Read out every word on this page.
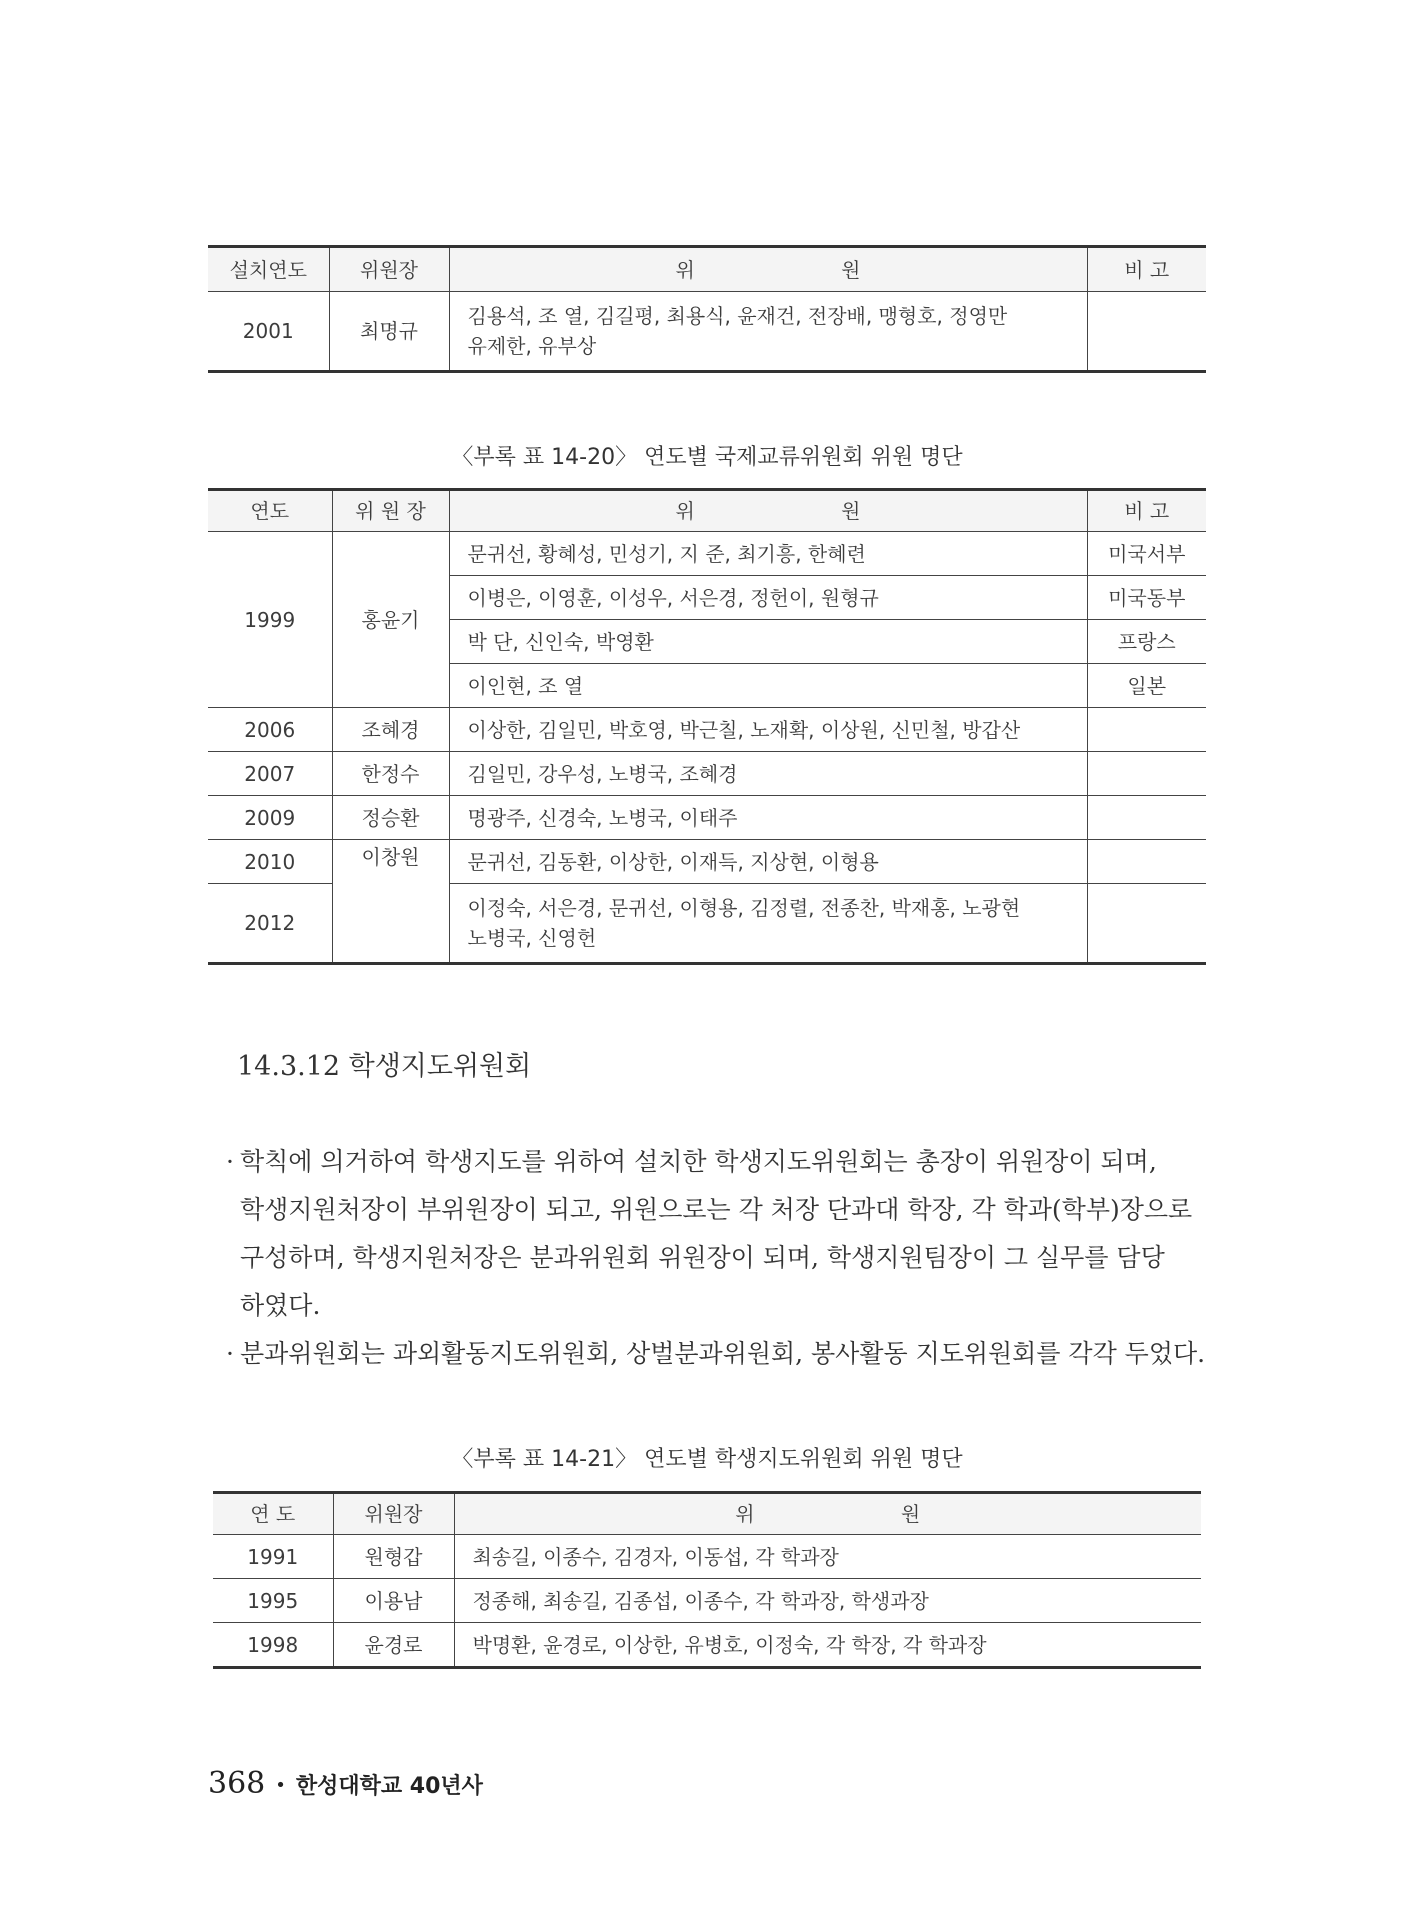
설치연도	위원장	위 원	비 고
2001	최명규	김용석, 조 열, 김길평, 최용식, 윤재건, 전장배, 맹형호, 정영만
유제한, 유부상	

〈부록 표 14-20〉 연도별 국제교류위원회 위원 명단
연도	위 원 장	위 원	비 고
1999	홍윤기	문귀선, 황혜성, 민성기, 지 준, 최기흥, 한혜련	미국서부
		이병은, 이영훈, 이성우, 서은경, 정헌이, 원형규	미국동부
		박 단, 신인숙, 박영환	프랑스
		이인현, 조 열	일본
2006	조혜경	이상한, 김일민, 박호영, 박근칠, 노재확, 이상원, 신민철, 방갑산	
2007	한정수	김일민, 강우성, 노병국, 조혜경	
2009	정승환	명광주, 신경숙, 노병국, 이태주	
2010	이창원	문귀선, 김동환, 이상한, 이재득, 지상현, 이형용	
2012		이정숙, 서은경, 문귀선, 이형용, 김정렬, 전종찬, 박재홍, 노광현
노병국, 신영헌	

14.3.12 학생지도위원회
· 학칙에 의거하여 학생지도를 위하여 설치한 학생지도위원회는 총장이 위원장이 되며,
학생지원처장이 부위원장이 되고, 위원으로는 각 처장 단과대 학장, 각 학과(학부)장으로
구성하며, 학생지원처장은 분과위원회 위원장이 되며, 학생지원팀장이 그 실무를 담당
하였다.
· 분과위원회는 과외활동지도위원회, 상벌분과위원회, 봉사활동 지도위원회를 각각 두었다.
〈부록 표 14-21〉 연도별 학생지도위원회 위원 명단
연 도	위원장	위 원
1991	원형갑	최송길, 이종수, 김경자, 이동섭, 각 학과장
1995	이용남	정종해, 최송길, 김종섭, 이종수, 각 학과장, 학생과장
1998	윤경로	박명환, 윤경로, 이상한, 유병호, 이정숙, 각 학장, 각 학과장
368 • 한성대학교 40년사
